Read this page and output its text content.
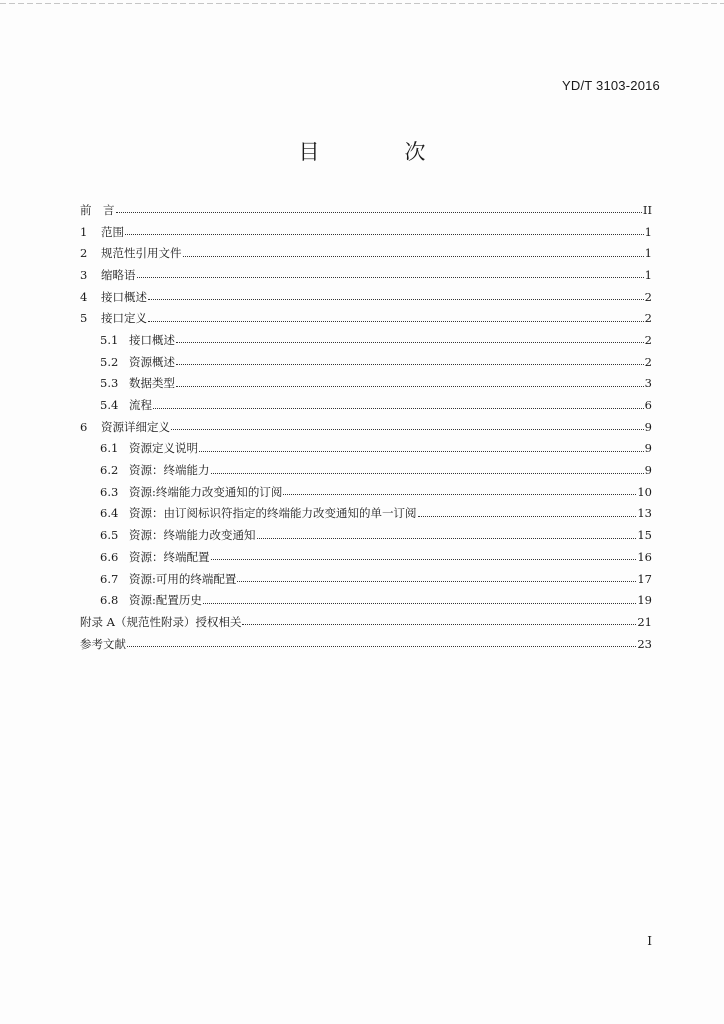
YD/T 3103-2016
目　次
前　言	II
1	范围	1
2	规范性引用文件	1
3	缩略语	1
4	接口概述	2
5	接口定义	2
5.1 接口概述	2
5.2 资源概述	2
5.3 数据类型	3
5.4 流程	6
6	资源详细定义	9
6.1 资源定义说明	9
6.2 资源：终端能力	9
6.3 资源:终端能力改变通知的订阅	10
6.4 资源：由订阅标识符指定的终端能力改变通知的单一订阅	13
6.5 资源：终端能力改变通知	15
6.6 资源：终端配置	16
6.7 资源:可用的终端配置	17
6.8 资源:配置历史	19
附录 A（规范性附录）授权相关	21
参考文献	23
I
